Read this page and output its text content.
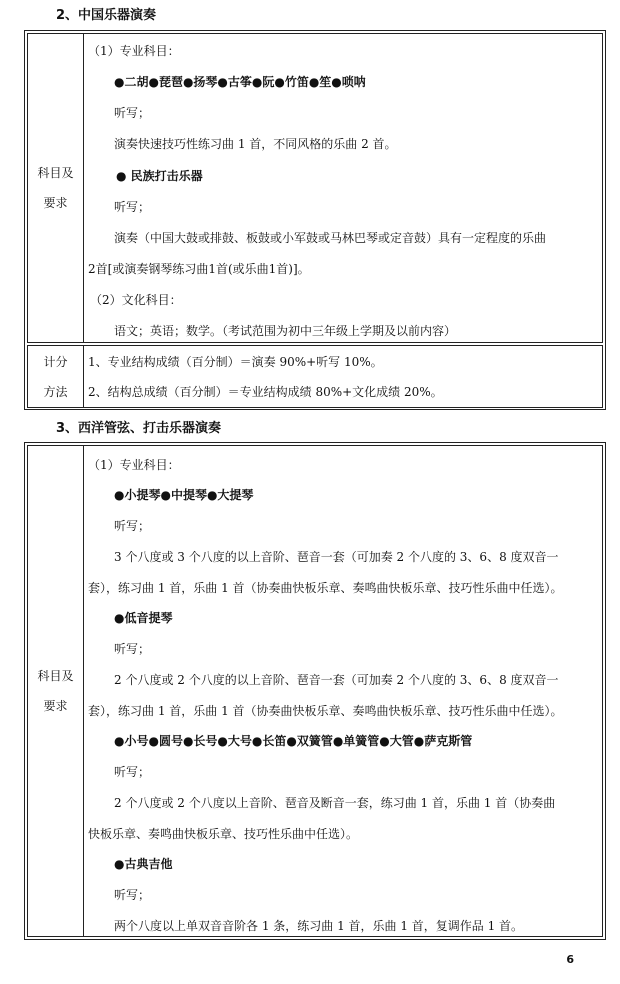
2、中国乐器演奏
科目及
要求

（1）专业科目：

●二胡●琵琶●扬琴●古筝●阮●竹笛●笙●唢呐

听写；

演奏快速技巧性练习曲 1 首，不同风格的乐曲 2 首。

● 民族打击乐器

听写；

演奏（中国大鼓或排鼓、板鼓或小军鼓或马林巴琴或定音鼓）具有一定程度的乐曲

2首[或演奏钢琴练习曲1首(或乐曲1首)]。

（2）文化科目：

语文；英语；数学。（考试范围为初中三年级上学期及以前内容）

计分
方法

1、专业结构成绩（百分制）＝演奏 90%+听写 10%。

2、结构总成绩（百分制）＝专业结构成绩 80%+文化成绩 20%。

3、西洋管弦、打击乐器演奏
科目及
要求

（1）专业科目：

●小提琴●中提琴●大提琴

听写；

3 个八度或 3 个八度的以上音阶、琶音一套（可加奏 2 个八度的 3、6、8 度双音一

套），练习曲 1 首，乐曲 1 首（协奏曲快板乐章、奏鸣曲快板乐章、技巧性乐曲中任选）。

●低音提琴

听写；

2 个八度或 2 个八度的以上音阶、琶音一套（可加奏 2 个八度的 3、6、8 度双音一

套），练习曲 1 首，乐曲 1 首（协奏曲快板乐章、奏鸣曲快板乐章、技巧性乐曲中任选）。

●小号●圆号●长号●大号●长笛●双簧管●单簧管●大管●萨克斯管

听写；

2 个八度或 2 个八度以上音阶、琶音及断音一套，练习曲 1 首，乐曲 1 首（协奏曲

快板乐章、奏鸣曲快板乐章、技巧性乐曲中任选）。

●古典吉他

听写；

两个八度以上单双音音阶各 1 条，练习曲 1 首，乐曲 1 首，复调作品 1 首。

6
